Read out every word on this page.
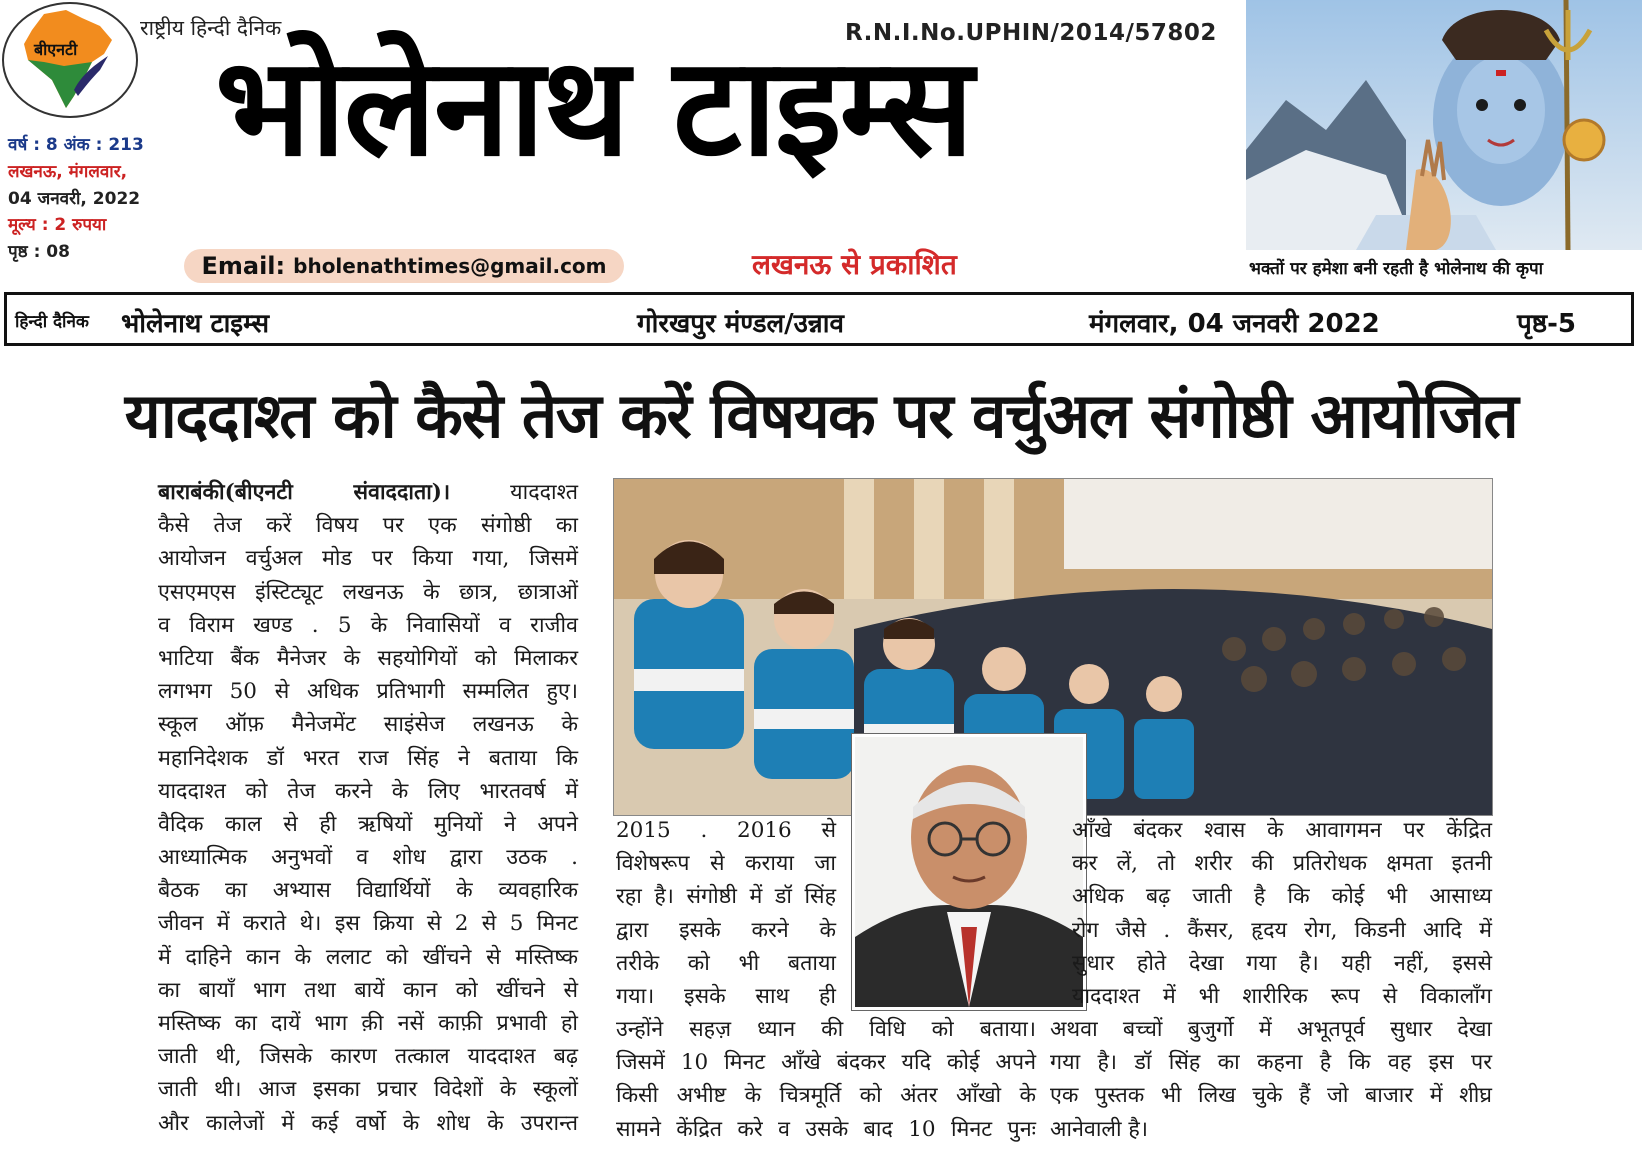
बीएनटी
राष्ट्रीय हिन्दी दैनिक
वर्ष : 8 अंक : 213
लखनऊ, मंगलवार,
04 जनवरी, 2022
मूल्य : 2 रुपया
पृष्ठ : 08
R.N.I.No.UPHIN/2014/57802
भोलेनाथ टाइम्स
Email: bholenathtimes@gmail.com	लखनऊ से प्रकाशित	भक्तों पर हमेशा बनी रहती है भोलेनाथ की कृपा
हिन्दी दैनिक भोलेनाथ टाइम्स	गोरखपुर मंण्डल/उन्नाव	मंगलवार, 04 जनवरी 2022	पृष्ठ-5
याददाश्त को कैसे तेज करें विषयक पर वर्चुअल संगोष्ठी आयोजित
बाराबंकी(बीएनटी संवाददाता)।	याददाश्त
कैसे तेज करें विषय पर एक संगोष्ठी का
आयोजन वर्चुअल मोड पर किया गया, जिसमें
एसएमएस इंस्टिट्यूट लखनऊ के छात्र, छात्राओं
व विराम खण्ड . 5 के निवासियों व राजीव
भाटिया बैंक मैनेजर के सहयोगियों को मिलाकर
लगभग 50 से अधिक प्रतिभागी सम्मलित हुए।
स्कूल ऑफ़ मैनेजमेंट साइंसेज लखनऊ के
महानिदेशक डॉ भरत राज सिंह ने बताया कि
याददाश्त को तेज करने के लिए भारतवर्ष में
वैदिक काल से ही ऋषियों मुनियों ने अपने
आध्यात्मिक अनुभवों व शोध द्वारा उठक .
बैठक का अभ्यास विद्यार्थियों के व्यवहारिक
जीवन में कराते थे। इस क्रिया से 2 से 5 मिनट
में दाहिने कान के ललाट को खींचने से मस्तिष्क
का बायाँ भाग तथा बायें कान को खींचने से
मस्तिष्क का दायें भाग क़ी नसें काफ़ी प्रभावी हो
जाती थी, जिसके कारण तत्काल याददाश्त बढ़
जाती थी। आज इसका प्रचार विदेशों के स्कूलों
और कालेजों में कई वर्षो के शोध के उपरान्त
2015 . 2016 से
विशेषरूप से कराया जा
रहा है। संगोष्ठी में डॉ सिंह
द्वारा इसके करने के
तरीके को भी बताया
गया। इसके साथ ही
उन्होंने सहज़ ध्यान की विधि को बताया।
जिसमें 10 मिनट आँखे बंदकर यदि कोई अपने
किसी अभीष्ट के चित्रमूर्ति को अंतर आँखो के
सामने केंद्रित करे व उसके बाद 10 मिनट पुनः
आँखे बंदकर श्वास के आवागमन पर केंद्रित
कर लें, तो शरीर की प्रतिरोधक क्षमता इतनी
अधिक बढ़ जाती है कि कोई भी आसाध्य
रोग जैसे . कैंसर, हृदय रोग, किडनी आदि में
सुधार होते देखा गया है। यही नहीं, इससे
याददाश्त में भी शारीरिक रूप से विकालाँग
अथवा बच्चों बुजुर्गो में अभूतपूर्व सुधार देखा
गया है। डॉ सिंह का कहना है कि वह इस पर
एक पुस्तक भी लिख चुके हैं जो बाजार में शीघ्र
आनेवाली है।
